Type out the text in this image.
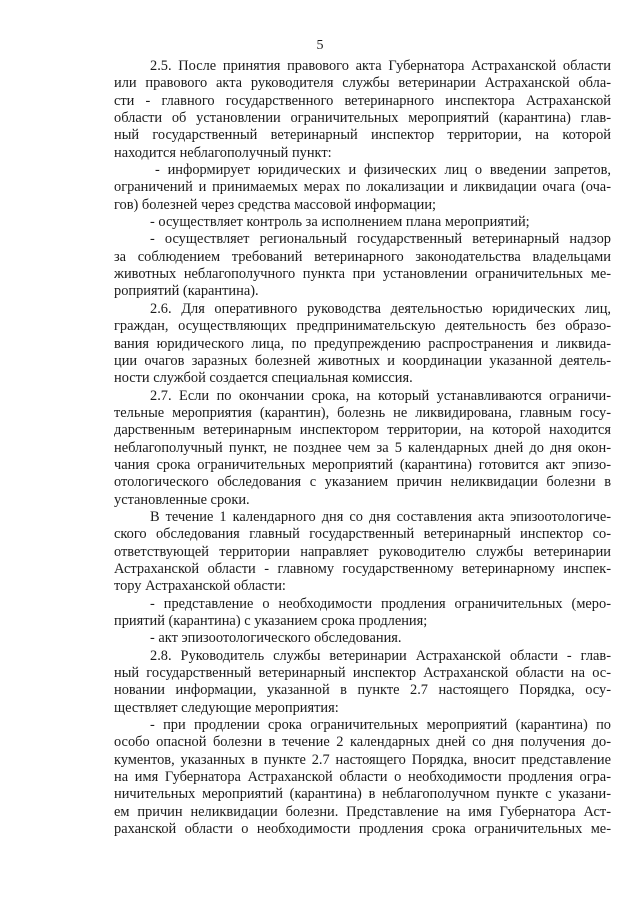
5
2.5. После принятия правового акта Губернатора Астраханской области
или правового акта руководителя службы ветеринарии Астраханской обла-
сти - главного государственного ветеринарного инспектора Астраханской
области об установлении ограничительных мероприятий (карантина) глав-
ный государственный ветеринарный инспектор территории, на которой
находится неблагополучный пункт:
- информирует юридических и физических лиц о введении запретов,
ограничений и принимаемых мерах по локализации и ликвидации очага (оча-
гов) болезней через средства массовой информации;
- осуществляет контроль за исполнением плана мероприятий;
- осуществляет региональный государственный ветеринарный надзор
за соблюдением требований ветеринарного законодательства владельцами
животных неблагополучного пункта при установлении ограничительных ме-
роприятий (карантина).
2.6. Для оперативного руководства деятельностью юридических лиц,
граждан, осуществляющих предпринимательскую деятельность без образо-
вания юридического лица, по предупреждению распространения и ликвида-
ции очагов заразных болезней животных и координации указанной деятель-
ности службой создается специальная комиссия.
2.7. Если по окончании срока, на который устанавливаются ограничи-
тельные мероприятия (карантин), болезнь не ликвидирована, главным госу-
дарственным ветеринарным инспектором территории, на которой находится
неблагополучный пункт, не позднее чем за 5 календарных дней до дня окон-
чания срока ограничительных мероприятий (карантина) готовится акт эпизо-
отологического обследования с указанием причин неликвидации болезни в
установленные сроки.
В течение 1 календарного дня со дня составления акта эпизоотологиче-
ского обследования главный государственный ветеринарный инспектор со-
ответствующей территории направляет руководителю службы ветеринарии
Астраханской области - главному государственному ветеринарному инспек-
тору Астраханской области:
- представление о необходимости продления ограничительных (меро-
приятий (карантина) с указанием срока продления;
- акт эпизоотологического обследования.
2.8. Руководитель службы ветеринарии Астраханской области - глав-
ный государственный ветеринарный инспектор Астраханской области на ос-
новании информации, указанной в пункте 2.7 настоящего Порядка, осу-
ществляет следующие мероприятия:
- при продлении срока ограничительных мероприятий (карантина) по
особо опасной болезни в течение 2 календарных дней со дня получения до-
кументов, указанных в пункте 2.7 настоящего Порядка, вносит представление
на имя Губернатора Астраханской области о необходимости продления огра-
ничительных мероприятий (карантина) в неблагополучном пункте с указани-
ем причин неликвидации болезни. Представление на имя Губернатора Аст-
раханской области о необходимости продления срока ограничительных ме-
